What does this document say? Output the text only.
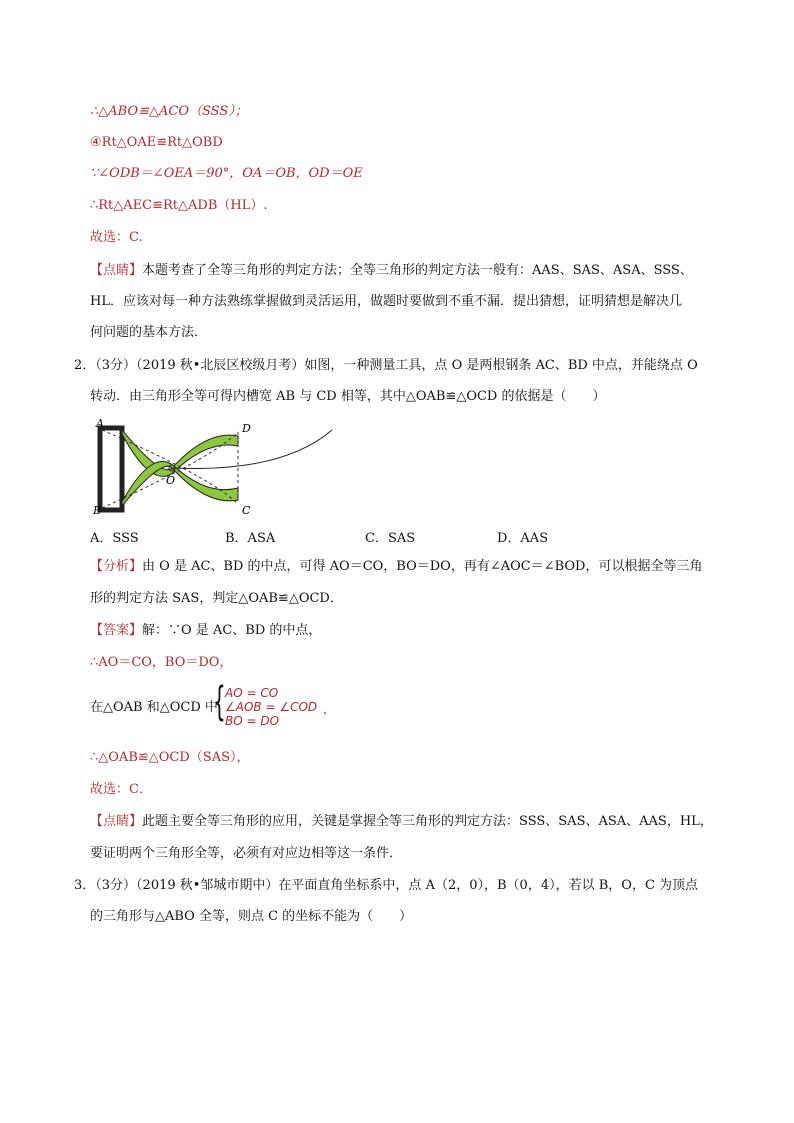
∴△ABO≌△ACO（SSS）；
④Rt△OAE≌Rt△OBD
∵∠ODB＝∠OEA＝90°，OA＝OB，OD＝OE
∴Rt△AEC≌Rt△ADB（HL）.
故选：C.
【点睛】本题考查了全等三角形的判定方法；全等三角形的判定方法一般有：AAS、SAS、ASA、SSS、
HL．应该对每一种方法熟练掌握做到灵活运用，做题时要做到不重不漏．提出猜想，证明猜想是解决几
何问题的基本方法．
2．（3分）（2019 秋•北辰区校级月考）如图，一种测量工具，点 O 是两根钢条 AC、BD 中点，并能绕点 O
转动．由三角形全等可得内槽宽 AB 与 CD 相等，其中△OAB≌△OCD 的依据是（　　）
A
B	C
D
O
A．SSS	B．ASA	C．SAS	D．AAS
【分析】由 O 是 AC、BD 的中点，可得 AO＝CO，BO＝DO，再有∠AOC＝∠BOD，可以根据全等三角
形的判定方法 SAS，判定△OAB≌△OCD．
【答案】解：∵O 是 AC、BD 的中点，
∴AO＝CO，BO＝DO，
在△OAB 和△OCD 中
{ AO = CO
∠AOB = ∠COD
BO = DO
，
∴△OAB≌△OCD（SAS），
故选：C．
【点睛】此题主要全等三角形的应用，关键是掌握全等三角形的判定方法：SSS、SAS、ASA、AAS，HL，
要证明两个三角形全等，必须有对应边相等这一条件．
3．（3分）（2019 秋•邹城市期中）在平面直角坐标系中，点 A（2，0），B（0，4），若以 B，O，C 为顶点
的三角形与△ABO 全等，则点 C 的坐标不能为（　　）
